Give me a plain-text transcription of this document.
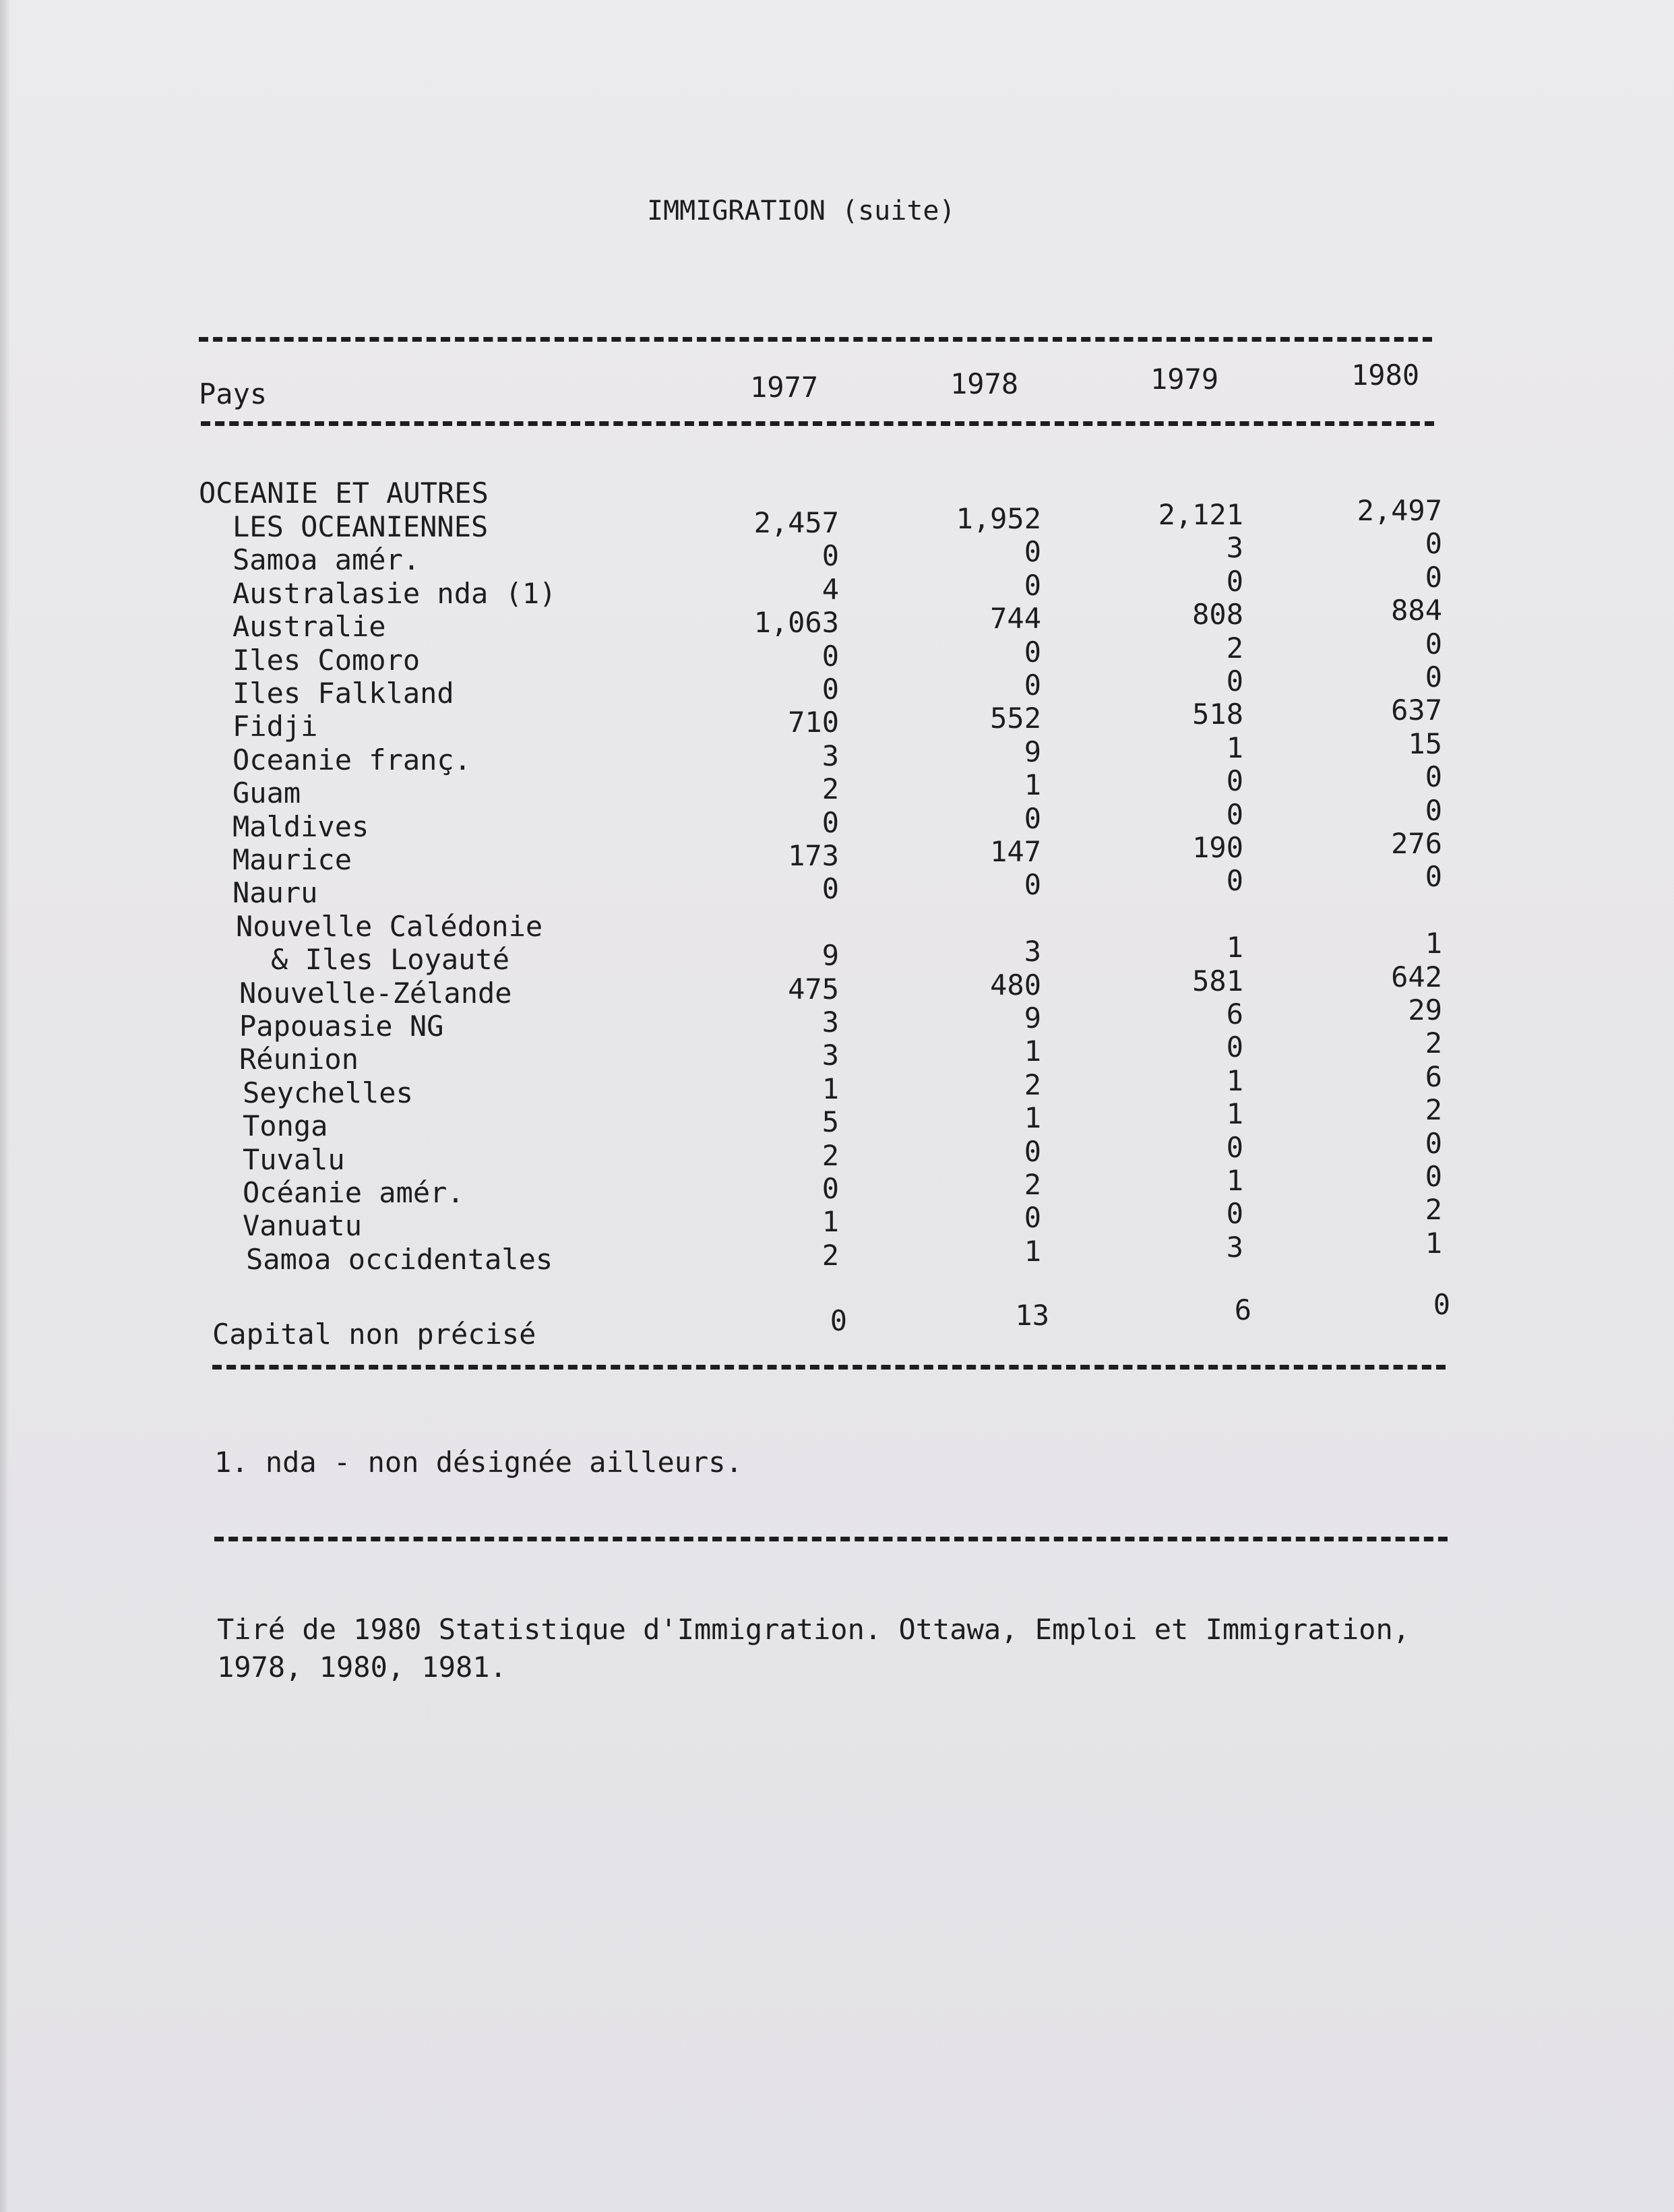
IMMIGRATION (suite)
Pays	1977	1978	1979	1980
OCEANIE ET AUTRES
LES OCEANIENNES	2,457	1,952	2,121	2,497
Samoa amér.	0	0	3	0
Australasie nda (1)	4	0	0	0
Australie	1,063	744	808	884
Iles Comoro	0	0	2	0
Iles Falkland	0	0	0	0
Fidji	710	552	518	637
Oceanie franç.	3	9	1	15
Guam	2	1	0	0
Maldives	0	0	0	0
Maurice	173	147	190	276
Nauru	0	0	0	0
Nouvelle Calédonie
& Iles Loyauté	9	3	1	1
Nouvelle-Zélande	475	480	581	642
Papouasie NG	3	9	6	29
Réunion	3	1	0	2
Seychelles	1	2	1	6
Tonga	5	1	1	2
Tuvalu	2	0	0	0
Océanie amér.	0	2	1	0
Vanuatu	1	0	0	2
Samoa occidentales	2	1	3	1
Capital non précisé	0	13	6	0
1. nda - non désignée ailleurs.
Tiré de 1980 Statistique d'Immigration. Ottawa, Emploi et Immigration, 1978, 1980, 1981.
